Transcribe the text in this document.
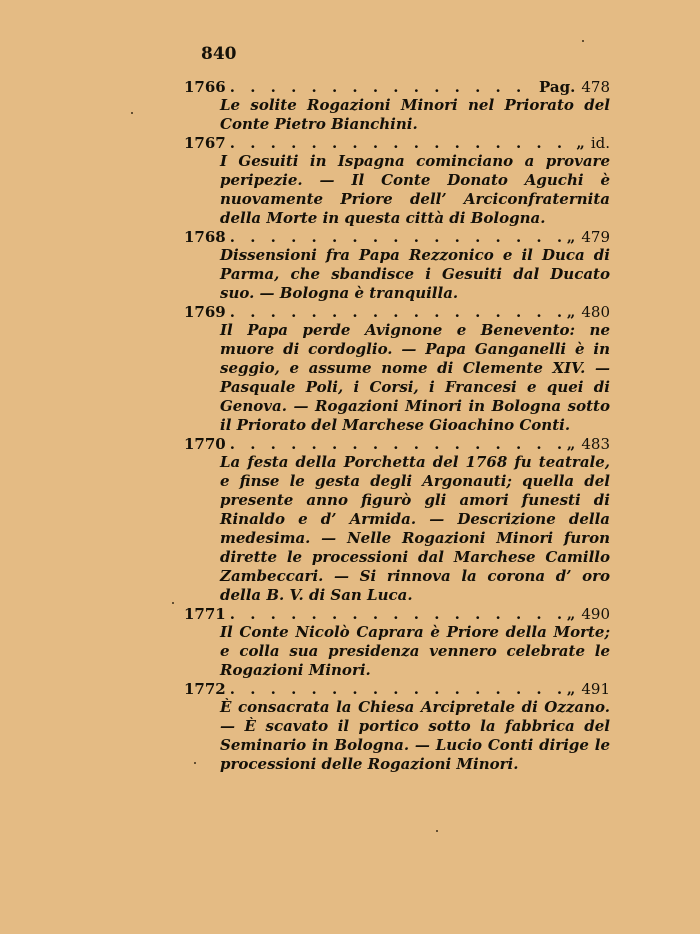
840
1766 . . .	Pag. 478

Le solite Rogazioni Minori nel Priorato del Conte Pietro Bianchini.

1767 . . .	„ id.

I Gesuiti in Ispagna cominciano a provare peripezie. — Il Conte Donato Aguchi è nuovamente Priore dell’ Arciconfraternita della Morte in questa città di Bologna.

1768 . . .	„ 479

Dissensioni fra Papa Rezzonico e il Duca di Parma, che sbandisce i Gesuiti dal Ducato suo. — Bologna è tranquilla.

1769 . . .	„ 480

Il Papa perde Avignone e Benevento: ne muore di cordoglio. — Papa Ganganelli è in seggio, e assume nome di Clemente XIV. — Pasquale Poli, i Corsi, i Francesi e quei di Genova. — Rogazioni Minori in Bologna sotto il Priorato del Marchese Gioachino Conti.

1770 . . .	„ 483

La festa della Porchetta del 1768 fu teatrale, e finse le gesta degli Argonauti; quella del presente anno figurò gli amori funesti di Rinaldo e d’ Armida. — Descrizione della medesima. — Nelle Rogazioni Minori furon dirette le processioni dal Marchese Camillo Zambeccari. — Si rinnova la corona d’ oro della B. V. di San Luca.

1771 . . .	„ 490

Il Conte Nicolò Caprara è Priore della Morte; e colla sua presidenza vennero celebrate le Rogazioni Minori.

1772 . . .	„ 491

È consacrata la Chiesa Arcipretale di Ozzano. — È scavato il portico sotto la fabbrica del Seminario in Bologna. — Lucio Conti dirige le processioni delle Rogazioni Minori.
